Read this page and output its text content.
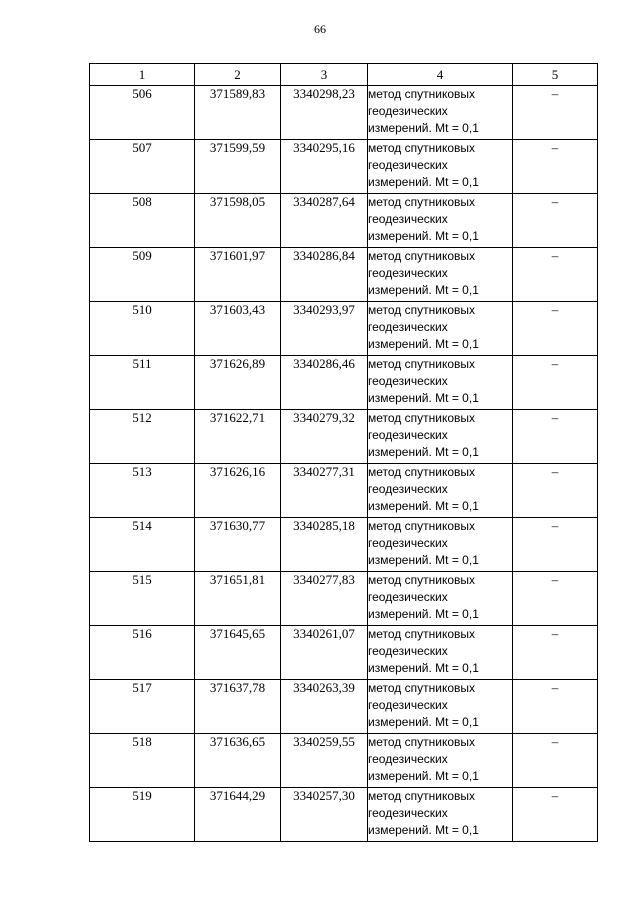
66
1	2	3	4	5
506	371589,83	3340298,23	метод спутниковых
геодезических
измерений. Mt = 0,1	–
507	371599,59	3340295,16	метод спутниковых
геодезических
измерений. Mt = 0,1	–
508	371598,05	3340287,64	метод спутниковых
геодезических
измерений. Mt = 0,1	–
509	371601,97	3340286,84	метод спутниковых
геодезических
измерений. Mt = 0,1	–
510	371603,43	3340293,97	метод спутниковых
геодезических
измерений. Mt = 0,1	–
511	371626,89	3340286,46	метод спутниковых
геодезических
измерений. Mt = 0,1	–
512	371622,71	3340279,32	метод спутниковых
геодезических
измерений. Mt = 0,1	–
513	371626,16	3340277,31	метод спутниковых
геодезических
измерений. Mt = 0,1	–
514	371630,77	3340285,18	метод спутниковых
геодезических
измерений. Mt = 0,1	–
515	371651,81	3340277,83	метод спутниковых
геодезических
измерений. Mt = 0,1	–
516	371645,65	3340261,07	метод спутниковых
геодезических
измерений. Mt = 0,1	–
517	371637,78	3340263,39	метод спутниковых
геодезических
измерений. Mt = 0,1	–
518	371636,65	3340259,55	метод спутниковых
геодезических
измерений. Mt = 0,1	–
519	371644,29	3340257,30	метод спутниковых
геодезических
измерений. Mt = 0,1	–
